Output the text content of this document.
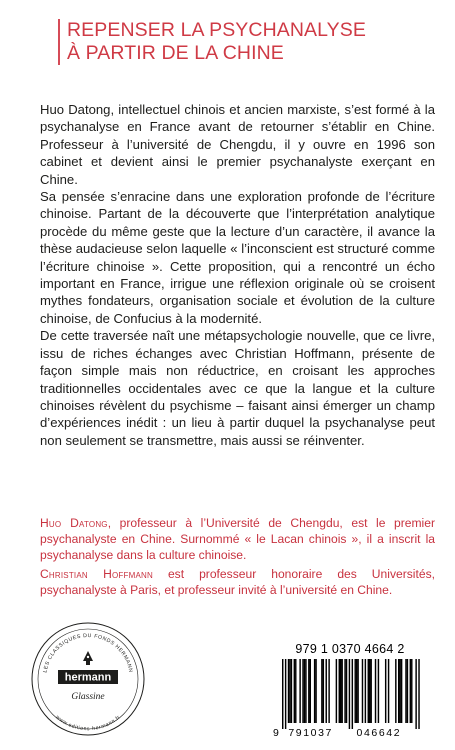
REPENSER LA PSYCHANALYSE
À PARTIR DE LA CHINE

Huo Datong, intellectuel chinois et ancien marxiste, s’est formé à la psychanalyse en France avant de retourner s’établir en Chine. Professeur à l’université de Chengdu, il y ouvre en 1996 son cabinet et devient ainsi le premier psychanalyste exerçant en Chine.

Sa pensée s’enracine dans une exploration profonde de l’écriture chinoise. Partant de la découverte que l’interprétation analytique procède du même geste que la lecture d’un caractère, il avance la thèse audacieuse selon laquelle « l’inconscient est structuré comme l’écriture chinoise ». Cette proposition, qui a rencontré un écho important en France, irrigue une réflexion originale où se croisent mythes fondateurs, organisation sociale et évolution de la culture chinoise, de Confucius à la modernité.

De cette traversée naît une métapsychologie nouvelle, que ce livre, issu de riches échanges avec Christian Hoffmann, présente de façon simple mais non réductrice, en croisant les approches traditionnelles occidentales avec ce que la langue et la culture chinoises révèlent du psychisme – faisant ainsi émerger un champ d’expériences inédit : un lieu à partir duquel la psychanalyse peut non seulement se transmettre, mais aussi se réinventer.

Huo Datong, professeur à l’Université de Chengdu, est le premier psychanalyste en Chine. Surnommé « le Lacan chinois », il a inscrit la psychanalyse dans la culture chinoise.
Christian Hoffmann est professeur honoraire des Universités, psychanalyste à Paris, et professeur invité à l’université en Chine.
LES CLASSIQUES DU FONDS HERMANN
www.editions-hermann.fr
hermann
Glassine
979 1 0370 4664 2
9 791037 046642
